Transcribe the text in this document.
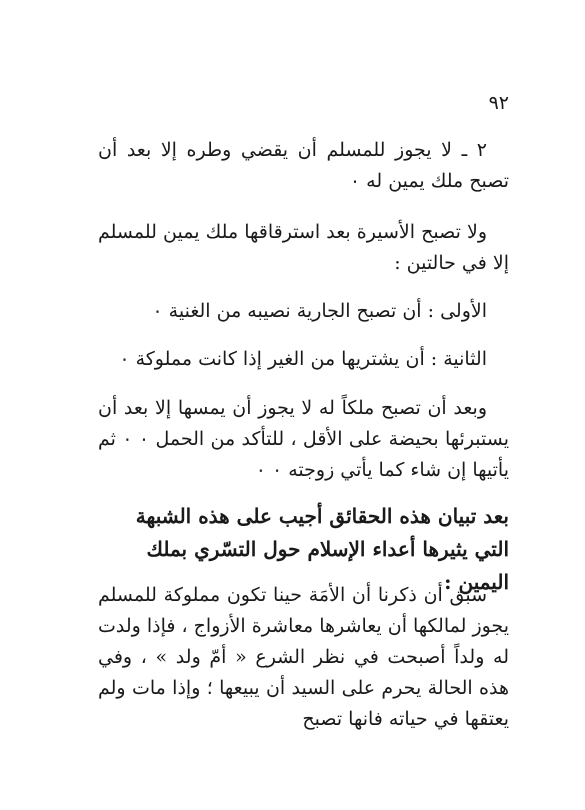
٩٢

٢ ـ لا يجوز للمسلم أن يقضي وطره إلا بعد أن تصبح ملك يمين له ٠

ولا تصبح الأسيرة بعد استرقاقها ملك يمين للمسلم إلا في حالتين :

الأولى : أن تصبح الجارية نصيبه من الغنية ٠

الثانية : أن يشتريها من الغير إذا كانت مملوكة ٠

وبعد أن تصبح ملكاً له لا يجوز أن يمسها إلا بعد أن يستبرئها بحيضة على الأقل ، للتأكد من الحمل ٠ ٠ ثم يأتيها إن شاء كما يأتي زوجته ٠ ٠

بعد تبيان هذه الحقائق أجيب على هذه الشبهة التي يثيرها أعداء الإسلام حول التسّري بملك اليمين :

سبق أن ذكرنا أن الأمَة حينا تكون مملوكة للمسلم يجوز لمالكها أن يعاشرها معاشرة الأزواج ، فإذا ولدت له ولداً أصبحت في نظر الشرع « أمّ ولد » ، وفي هذه الحالة يحرم على السيد أن يبيعها ؛ وإذا مات ولم يعتقها في حياته فانها تصبح
